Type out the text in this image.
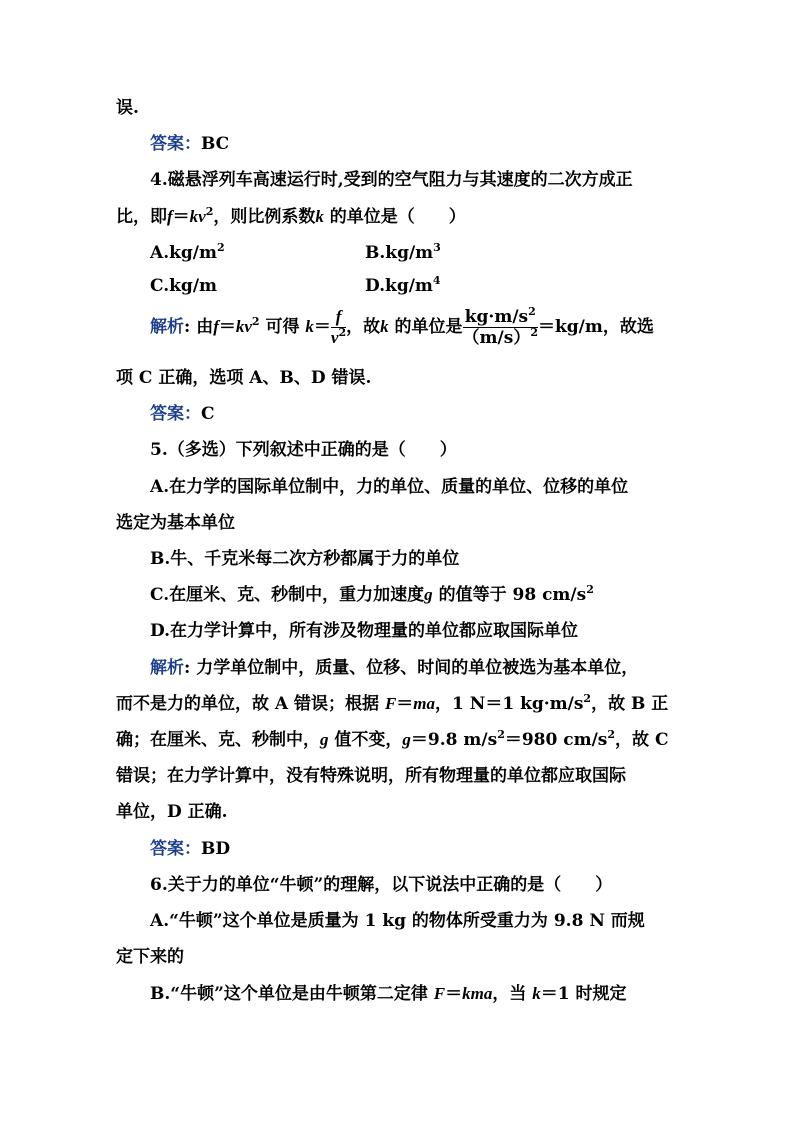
误.
答案：BC
4.磁悬浮列车高速运行时,受到的空气阻力与其速度的二次方成正
比，即$f=kv^2$，则比例系数k 的单位是（　　）
$A.kg/m^2$	$B.kg/m^3$
C.kg/m	$D.kg/m^4$
解析: 由$f=kv^2$ 可得 $k= \frac{f}{v^2}$ ，故k 的单位是 $\frac{kg\cdot m/s^2}{(m/s)^2} =kg/m$，故选
项 C 正确，选项 A、B、D 错误.
答案：C
5.（多选）下列叙述中正确的是（　　）
A.在力学的国际单位制中，力的单位、质量的单位、位移的单位
选定为基本单位
B.牛、千克米每二次方秒都属于力的单位
C.在厘米、克、秒制中，重力加速度g 的值等于 98 $cm/s^2$
D.在力学计算中，所有涉及物理量的单位都应取国际单位
解析: 力学单位制中，质量、位移、时间的单位被选为基本单位，
而不是力的单位，故 A 错误；根据 F＝ma，1 N＝1 $kg\cdot m/s^2$，故 B 正
确；在厘米、克、秒制中，g 值不变，g＝9.8 $m/s^2=980$ $cm/s^2$，故 C
错误；在力学计算中，没有特殊说明，所有物理量的单位都应取国际
单位，D 正确.
答案：BD
6.关于力的单位“牛顿”的理解，以下说法中正确的是（　　）
A.“牛顿”这个单位是质量为 1 kg 的物体所受重力为 9.8 N 而规
定下来的
B.“牛顿”这个单位是由牛顿第二定律 F＝kma，当 k＝1 时规定
